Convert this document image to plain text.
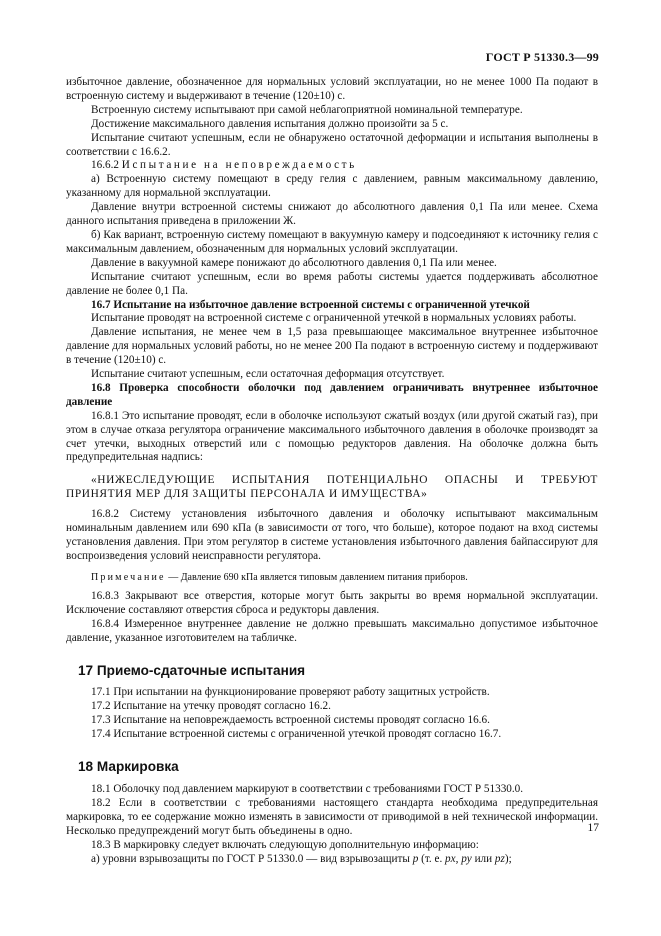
ГОСТ Р 51330.3—99

избыточное давление, обозначенное для нормальных условий эксплуатации, но не менее 1000 Па подают в встроенную систему и выдерживают в течение (120±10) с.

Встроенную систему испытывают при самой неблагоприятной номинальной температуре.

Достижение максимального давления испытания должно произойти за 5 с.

Испытание считают успешным, если не обнаружено остаточной деформации и испытания выполнены в соответствии с 16.6.2.

16.6.2 Испытание на неповреждаемость

а) Встроенную систему помещают в среду гелия с давлением, равным максимальному давлению, указанному для нормальной эксплуатации.

Давление внутри встроенной системы снижают до абсолютного давления 0,1 Па или менее. Схема данного испытания приведена в приложении Ж.

б) Как вариант, встроенную систему помещают в вакуумную камеру и подсоединяют к источнику гелия с максимальным давлением, обозначенным для нормальных условий эксплуатации.

Давление в вакуумной камере понижают до абсолютного давления 0,1 Па или менее.

Испытание считают успешным, если во время работы системы удается поддерживать абсолютное давление не более 0,1 Па.

16.7 Испытание на избыточное давление встроенной системы с ограниченной утечкой

Испытание проводят на встроенной системе с ограниченной утечкой в нормальных условиях работы.

Давление испытания, не менее чем в 1,5 раза превышающее максимальное внутреннее избыточное давление для нормальных условий работы, но не менее 200 Па подают в встроенную систему и поддерживают в течение (120±10) с.

Испытание считают успешным, если остаточная деформация отсутствует.

16.8 Проверка способности оболочки под давлением ограничивать внутреннее избыточное давление

16.8.1 Это испытание проводят, если в оболочке используют сжатый воздух (или другой сжатый газ), при этом в случае отказа регулятора ограничение максимального избыточного давления в оболочке производят за счет утечки, выходных отверстий или с помощью редукторов давления. На оболочке должна быть предупредительная надпись:

«НИЖЕСЛЕДУЮЩИЕ ИСПЫТАНИЯ ПОТЕНЦИАЛЬНО ОПАСНЫ И ТРЕБУЮТ ПРИНЯТИЯ МЕР ДЛЯ ЗАЩИТЫ ПЕРСОНАЛА И ИМУЩЕСТВА»

16.8.2 Систему установления избыточного давления и оболочку испытывают максимальным номинальным давлением или 690 кПа (в зависимости от того, что больше), которое подают на вход системы установления давления. При этом регулятор в системе установления избыточного давления байпассируют для воспроизведения условий неисправности регулятора.

Примечание — Давление 690 кПа является типовым давлением питания приборов.

16.8.3 Закрывают все отверстия, которые могут быть закрыты во время нормальной эксплуатации. Исключение составляют отверстия сброса и редукторы давления.

16.8.4 Измеренное внутреннее давление не должно превышать максимально допустимое избыточное давление, указанное изготовителем на табличке.

17 Приемо-сдаточные испытания

17.1 При испытании на функционирование проверяют работу защитных устройств.

17.2 Испытание на утечку проводят согласно 16.2.

17.3 Испытание на неповреждаемость встроенной системы проводят согласно 16.6.

17.4 Испытание встроенной системы с ограниченной утечкой проводят согласно 16.7.

18 Маркировка

18.1 Оболочку под давлением маркируют в соответствии с требованиями ГОСТ Р 51330.0.

18.2 Если в соответствии с требованиями настоящего стандарта необходима предупредительная маркировка, то ее содержание можно изменять в зависимости от приводимой в ней технической информации. Несколько предупреждений могут быть объединены в одно.

18.3 В маркировку следует включать следующую дополнительную информацию:

а) уровни взрывозащиты по ГОСТ Р 51330.0 — вид взрывозащиты p (т. е. px, py или pz);

17
